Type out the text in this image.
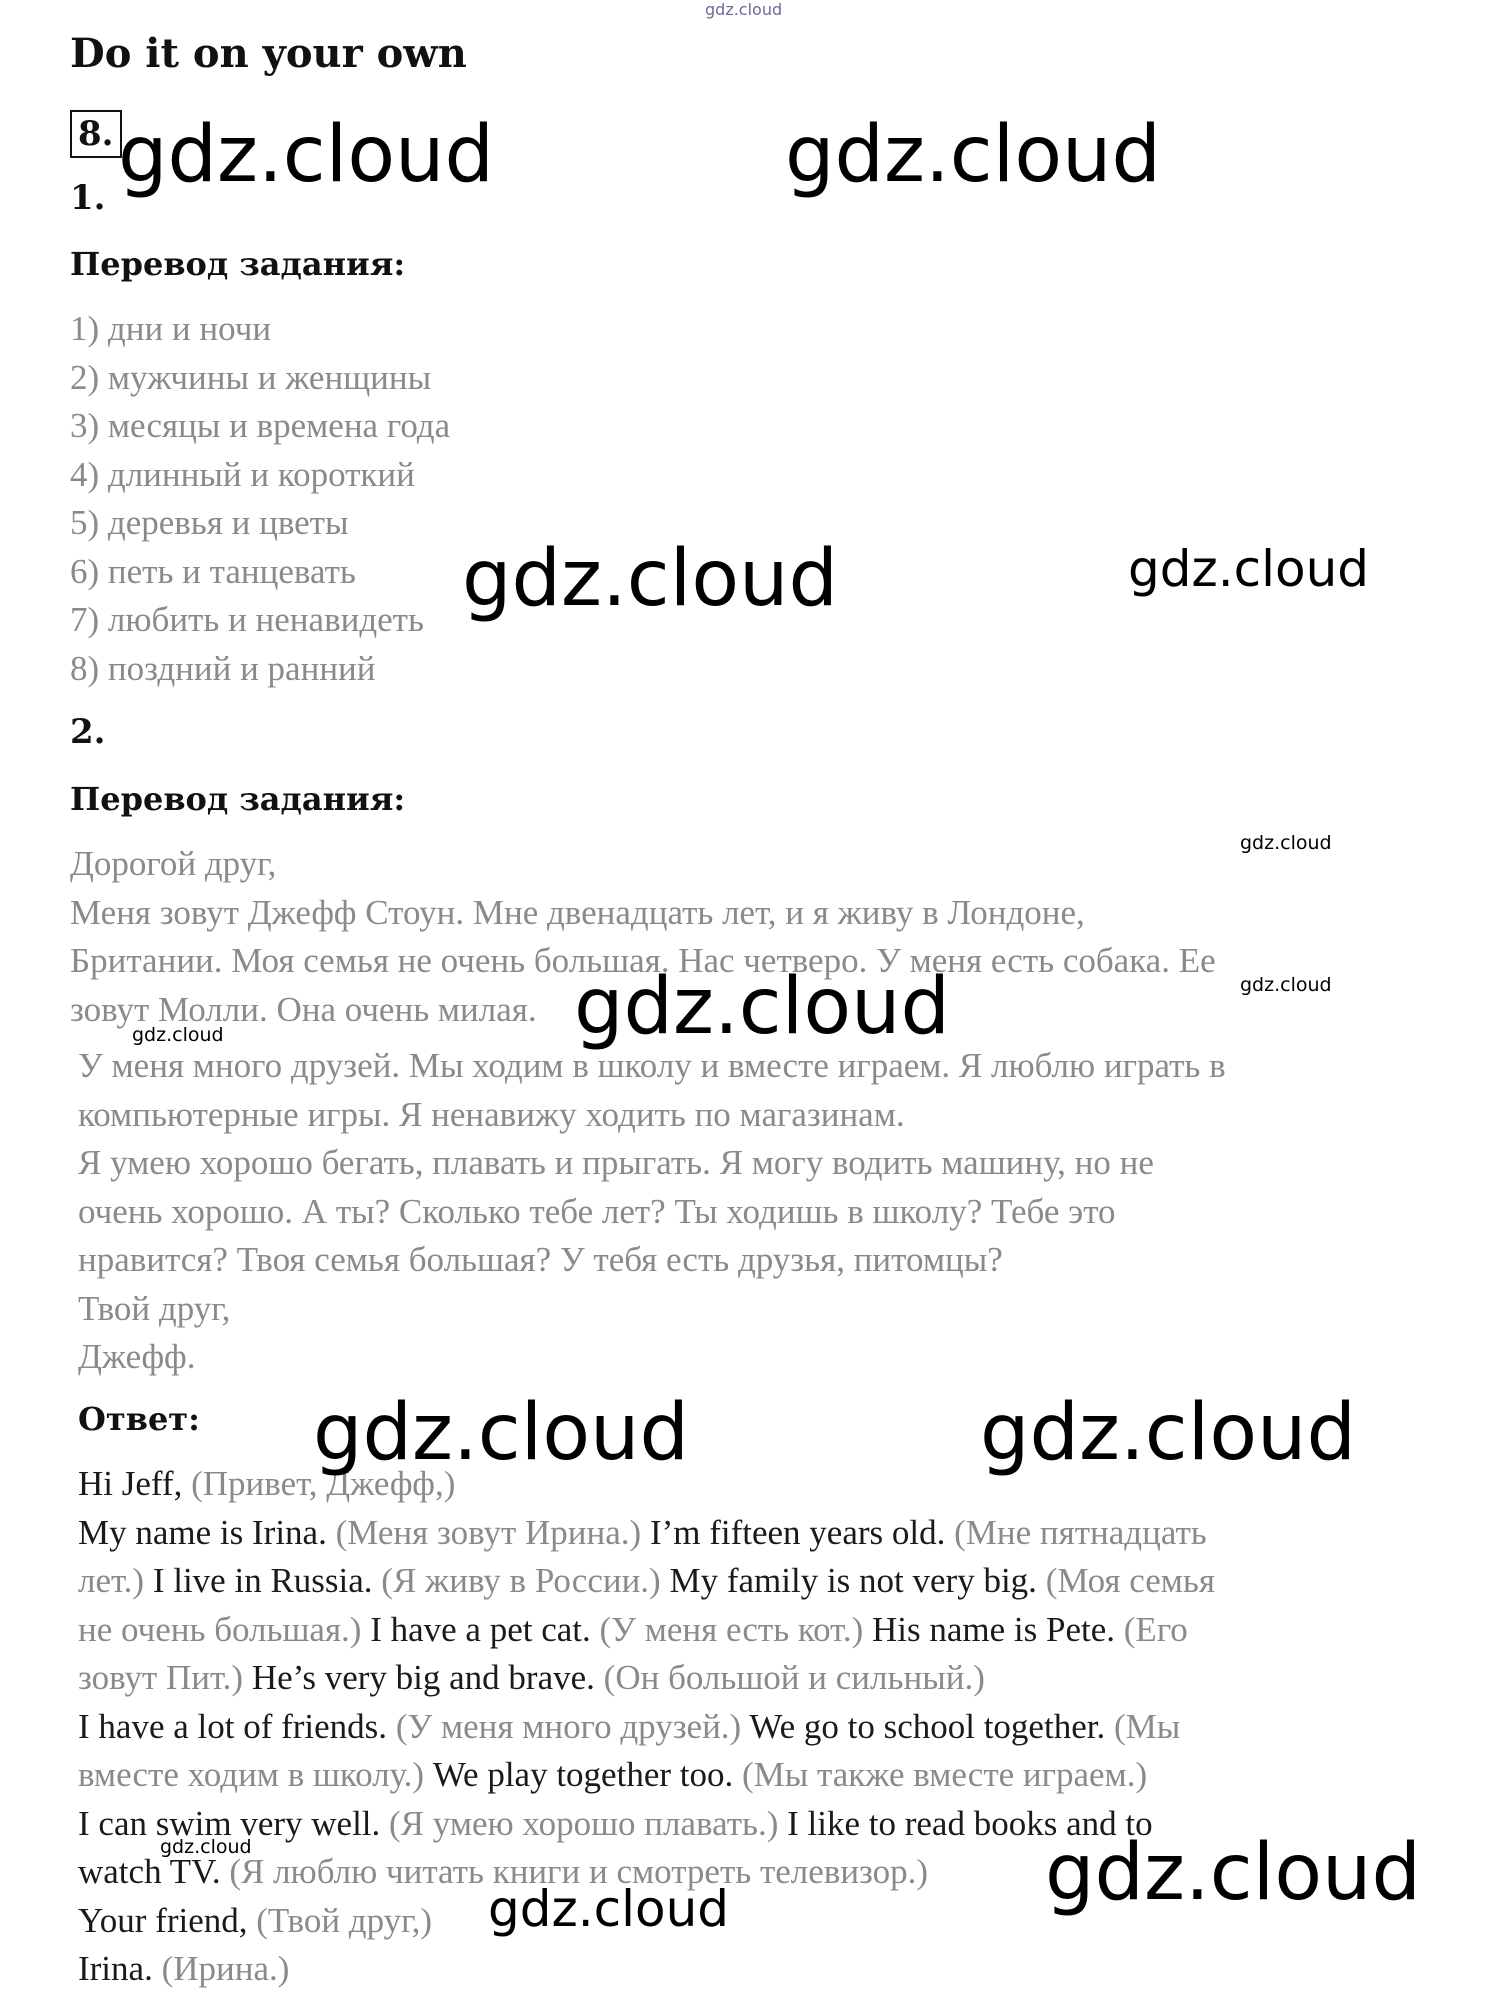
gdz.cloud
Do it on your own
8.
1.
Перевод задания:
1) дни и ночи
2) мужчины и женщины
3) месяцы и времена года
4) длинный и короткий
5) деревья и цветы
6) петь и танцевать
7) любить и ненавидеть
8) поздний и ранний
2.
Перевод задания:
Дорогой друг,
Меня зовут Джефф Стоун. Мне двенадцать лет, и я живу в Лондоне,
Британии. Моя семья не очень большая. Нас четверо. У меня есть собака. Ее
зовут Молли. Она очень милая.
У меня много друзей. Мы ходим в школу и вместе играем. Я люблю играть в
компьютерные игры. Я ненавижу ходить по магазинам.
Я умею хорошо бегать, плавать и прыгать. Я могу водить машину, но не
очень хорошо. А ты? Сколько тебе лет? Ты ходишь в школу? Тебе это
нравится? Твоя семья большая? У тебя есть друзья, питомцы?
Твой друг,
Джефф.
Ответ:
Hi Jeff, (Привет, Джефф,)
My name is Irina. (Меня зовут Ирина.) I’m fifteen years old. (Мне пятнадцать
лет.) I live in Russia. (Я живу в России.) My family is not very big. (Моя семья
не очень большая.) I have a pet cat. (У меня есть кот.) His name is Pete. (Его
зовут Пит.) He’s very big and brave. (Он большой и сильный.)
I have a lot of friends. (У меня много друзей.) We go to school together. (Мы
вместе ходим в школу.) We play together too. (Мы также вместе играем.)
I can swim very well. (Я умею хорошо плавать.) I like to read books and to
watch TV. (Я люблю читать книги и смотреть телевизор.)
Your friend, (Твой друг,)
Irina. (Ирина.)
gdz.cloud	gdz.cloud
gdz.cloud	gdz.cloud
gdz.cloud
gdz.cloud	gdz.cloud
gdz.cloud
gdz.cloud	gdz.cloud
gdz.cloud	gdz.cloud
gdz.cloud
